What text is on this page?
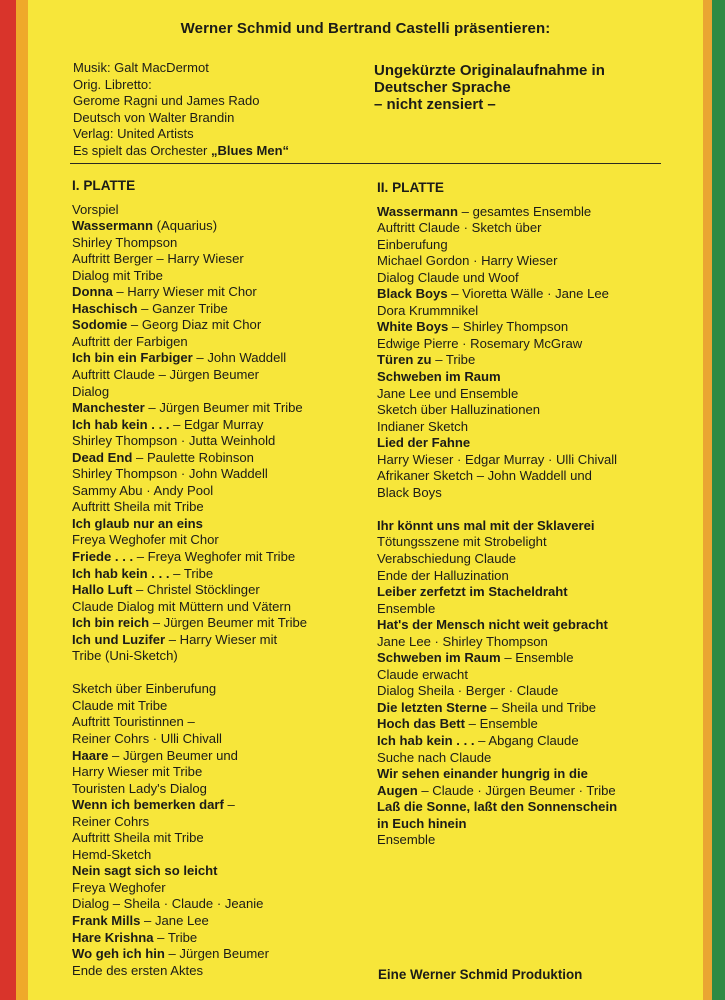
Werner Schmid und Bertrand Castelli präsentieren:
Musik: Galt MacDermot
Orig. Libretto:
Gerome Ragni und James Rado
Deutsch von Walter Brandin
Verlag: United Artists
Es spielt das Orchester „Blues Men“
Ungekürzte Originalaufnahme in
Deutscher Sprache
– nicht zensiert –
I. PLATTE
Vorspiel
Wassermann (Aquarius)
Shirley Thompson
Auftritt Berger – Harry Wieser
Dialog mit Tribe
Donna – Harry Wieser mit Chor
Haschisch – Ganzer Tribe
Sodomie – Georg Diaz mit Chor
Auftritt der Farbigen
Ich bin ein Farbiger – John Waddell
Auftritt Claude – Jürgen Beumer
Dialog
Manchester – Jürgen Beumer mit Tribe
Ich hab kein . . . – Edgar Murray
Shirley Thompson · Jutta Weinhold
Dead End – Paulette Robinson
Shirley Thompson · John Waddell
Sammy Abu · Andy Pool
Auftritt Sheila mit Tribe
Ich glaub nur an eins
Freya Weghofer mit Chor
Friede . . . – Freya Weghofer mit Tribe
Ich hab kein . . . – Tribe
Hallo Luft – Christel Stöcklinger
Claude Dialog mit Müttern und Vätern
Ich bin reich – Jürgen Beumer mit Tribe
Ich und Luzifer – Harry Wieser mit
Tribe (Uni-Sketch)
Sketch über Einberufung
Claude mit Tribe
Auftritt Touristinnen –
Reiner Cohrs · Ulli Chivall
Haare – Jürgen Beumer und
Harry Wieser mit Tribe
Touristen Lady's Dialog
Wenn ich bemerken darf –
Reiner Cohrs
Auftritt Sheila mit Tribe
Hemd-Sketch
Nein sagt sich so leicht
Freya Weghofer
Dialog – Sheila · Claude · Jeanie
Frank Mills – Jane Lee
Hare Krishna – Tribe
Wo geh ich hin – Jürgen Beumer
Ende des ersten Aktes
II. PLATTE
Wassermann – gesamtes Ensemble
Auftritt Claude · Sketch über
Einberufung
Michael Gordon · Harry Wieser
Dialog Claude und Woof
Black Boys – Vioretta Wälle · Jane Lee
Dora Krummnikel
White Boys – Shirley Thompson
Edwige Pierre · Rosemary McGraw
Türen zu – Tribe
Schweben im Raum
Jane Lee und Ensemble
Sketch über Halluzinationen
Indianer Sketch
Lied der Fahne
Harry Wieser · Edgar Murray · Ulli Chivall
Afrikaner Sketch – John Waddell und
Black Boys
Ihr könnt uns mal mit der Sklaverei
Tötungsszene mit Strobelight
Verabschiedung Claude
Ende der Halluzination
Leiber zerfetzt im Stacheldraht
Ensemble
Hat's der Mensch nicht weit gebracht
Jane Lee · Shirley Thompson
Schweben im Raum – Ensemble
Claude erwacht
Dialog Sheila · Berger · Claude
Die letzten Sterne – Sheila und Tribe
Hoch das Bett – Ensemble
Ich hab kein . . . – Abgang Claude
Suche nach Claude
Wir sehen einander hungrig in die
Augen – Claude · Jürgen Beumer · Tribe
Laß die Sonne, laßt den Sonnenschein
in Euch hinein
Ensemble
Eine Werner Schmid Produktion
